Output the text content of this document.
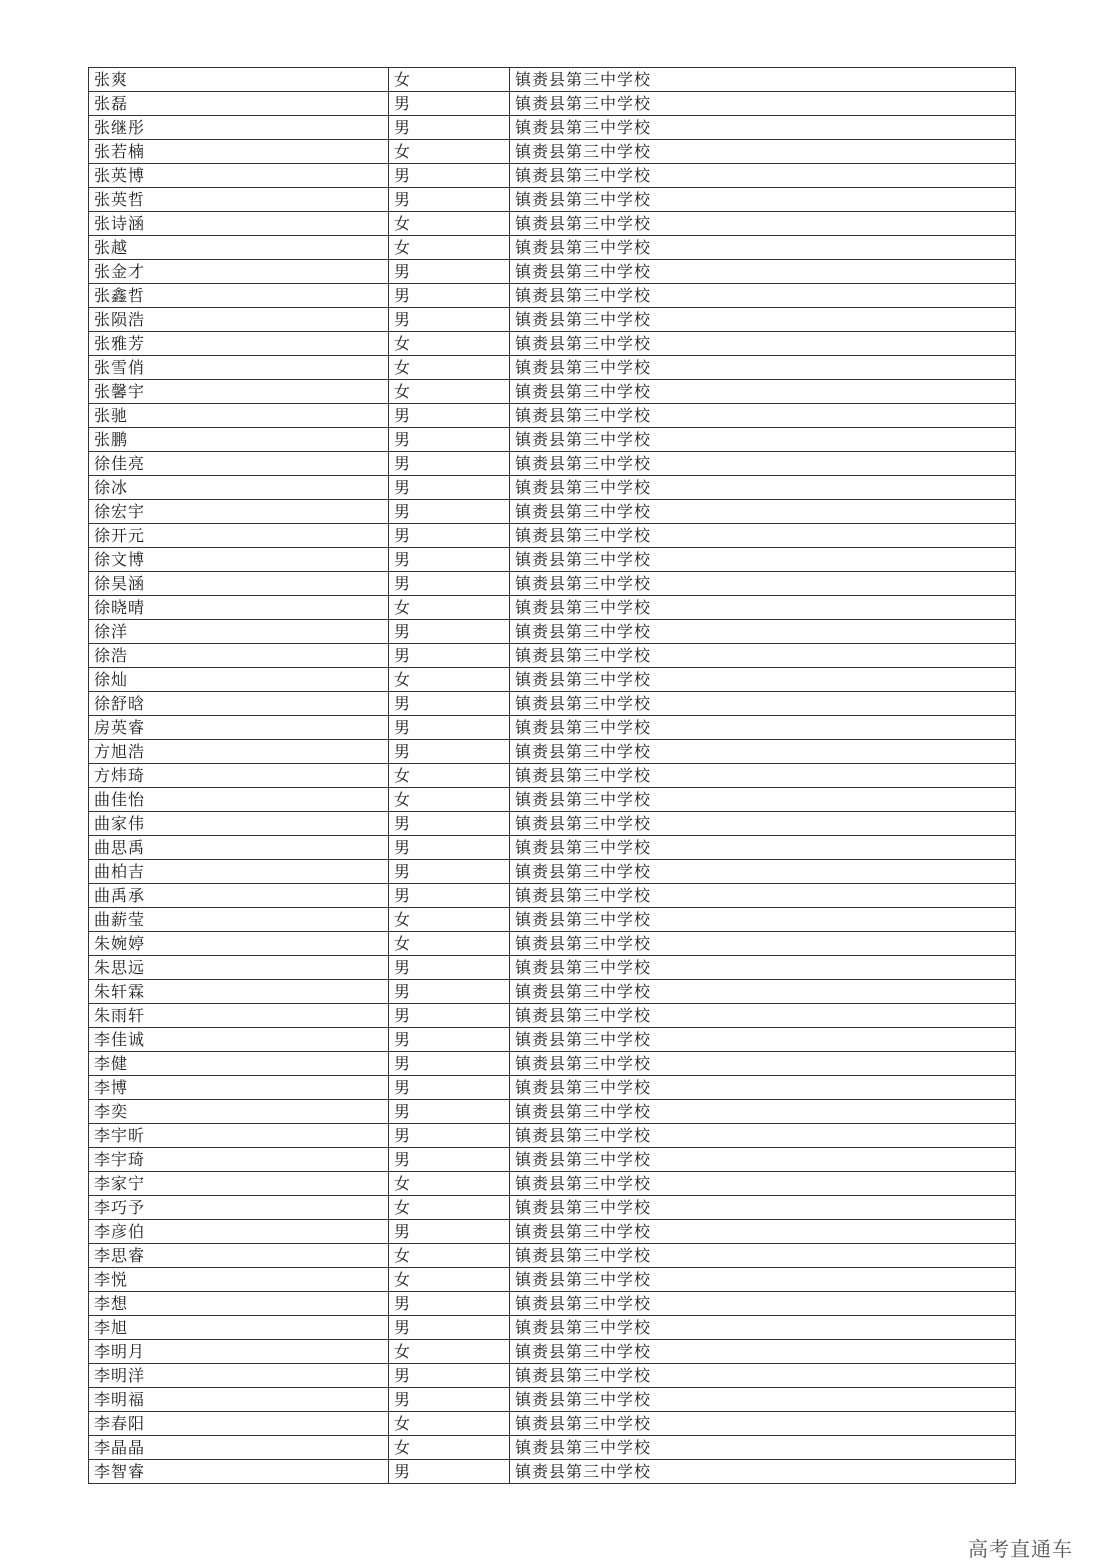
张爽	女	镇赉县第三中学校
张磊	男	镇赉县第三中学校
张继彤	男	镇赉县第三中学校
张若楠	女	镇赉县第三中学校
张英博	男	镇赉县第三中学校
张英哲	男	镇赉县第三中学校
张诗涵	女	镇赉县第三中学校
张越	女	镇赉县第三中学校
张金才	男	镇赉县第三中学校
张鑫哲	男	镇赉县第三中学校
张陨浩	男	镇赉县第三中学校
张雅芳	女	镇赉县第三中学校
张雪俏	女	镇赉县第三中学校
张馨宇	女	镇赉县第三中学校
张驰	男	镇赉县第三中学校
张鹏	男	镇赉县第三中学校
徐佳亮	男	镇赉县第三中学校
徐冰	男	镇赉县第三中学校
徐宏宇	男	镇赉县第三中学校
徐开元	男	镇赉县第三中学校
徐文博	男	镇赉县第三中学校
徐昊涵	男	镇赉县第三中学校
徐晓晴	女	镇赉县第三中学校
徐洋	男	镇赉县第三中学校
徐浩	男	镇赉县第三中学校
徐灿	女	镇赉县第三中学校
徐舒晗	男	镇赉县第三中学校
房英睿	男	镇赉县第三中学校
方旭浩	男	镇赉县第三中学校
方炜琦	女	镇赉县第三中学校
曲佳怡	女	镇赉县第三中学校
曲家伟	男	镇赉县第三中学校
曲思禹	男	镇赉县第三中学校
曲柏吉	男	镇赉县第三中学校
曲禹承	男	镇赉县第三中学校
曲薪莹	女	镇赉县第三中学校
朱婉婷	女	镇赉县第三中学校
朱思远	男	镇赉县第三中学校
朱轩霖	男	镇赉县第三中学校
朱雨轩	男	镇赉县第三中学校
李佳诚	男	镇赉县第三中学校
李健	男	镇赉县第三中学校
李博	男	镇赉县第三中学校
李奕	男	镇赉县第三中学校
李宇昕	男	镇赉县第三中学校
李宇琦	男	镇赉县第三中学校
李家宁	女	镇赉县第三中学校
李巧予	女	镇赉县第三中学校
李彦伯	男	镇赉县第三中学校
李思睿	女	镇赉县第三中学校
李悦	女	镇赉县第三中学校
李想	男	镇赉县第三中学校
李旭	男	镇赉县第三中学校
李明月	女	镇赉县第三中学校
李明洋	男	镇赉县第三中学校
李明福	男	镇赉县第三中学校
李春阳	女	镇赉县第三中学校
李晶晶	女	镇赉县第三中学校
李智睿	男	镇赉县第三中学校
高考直通车
